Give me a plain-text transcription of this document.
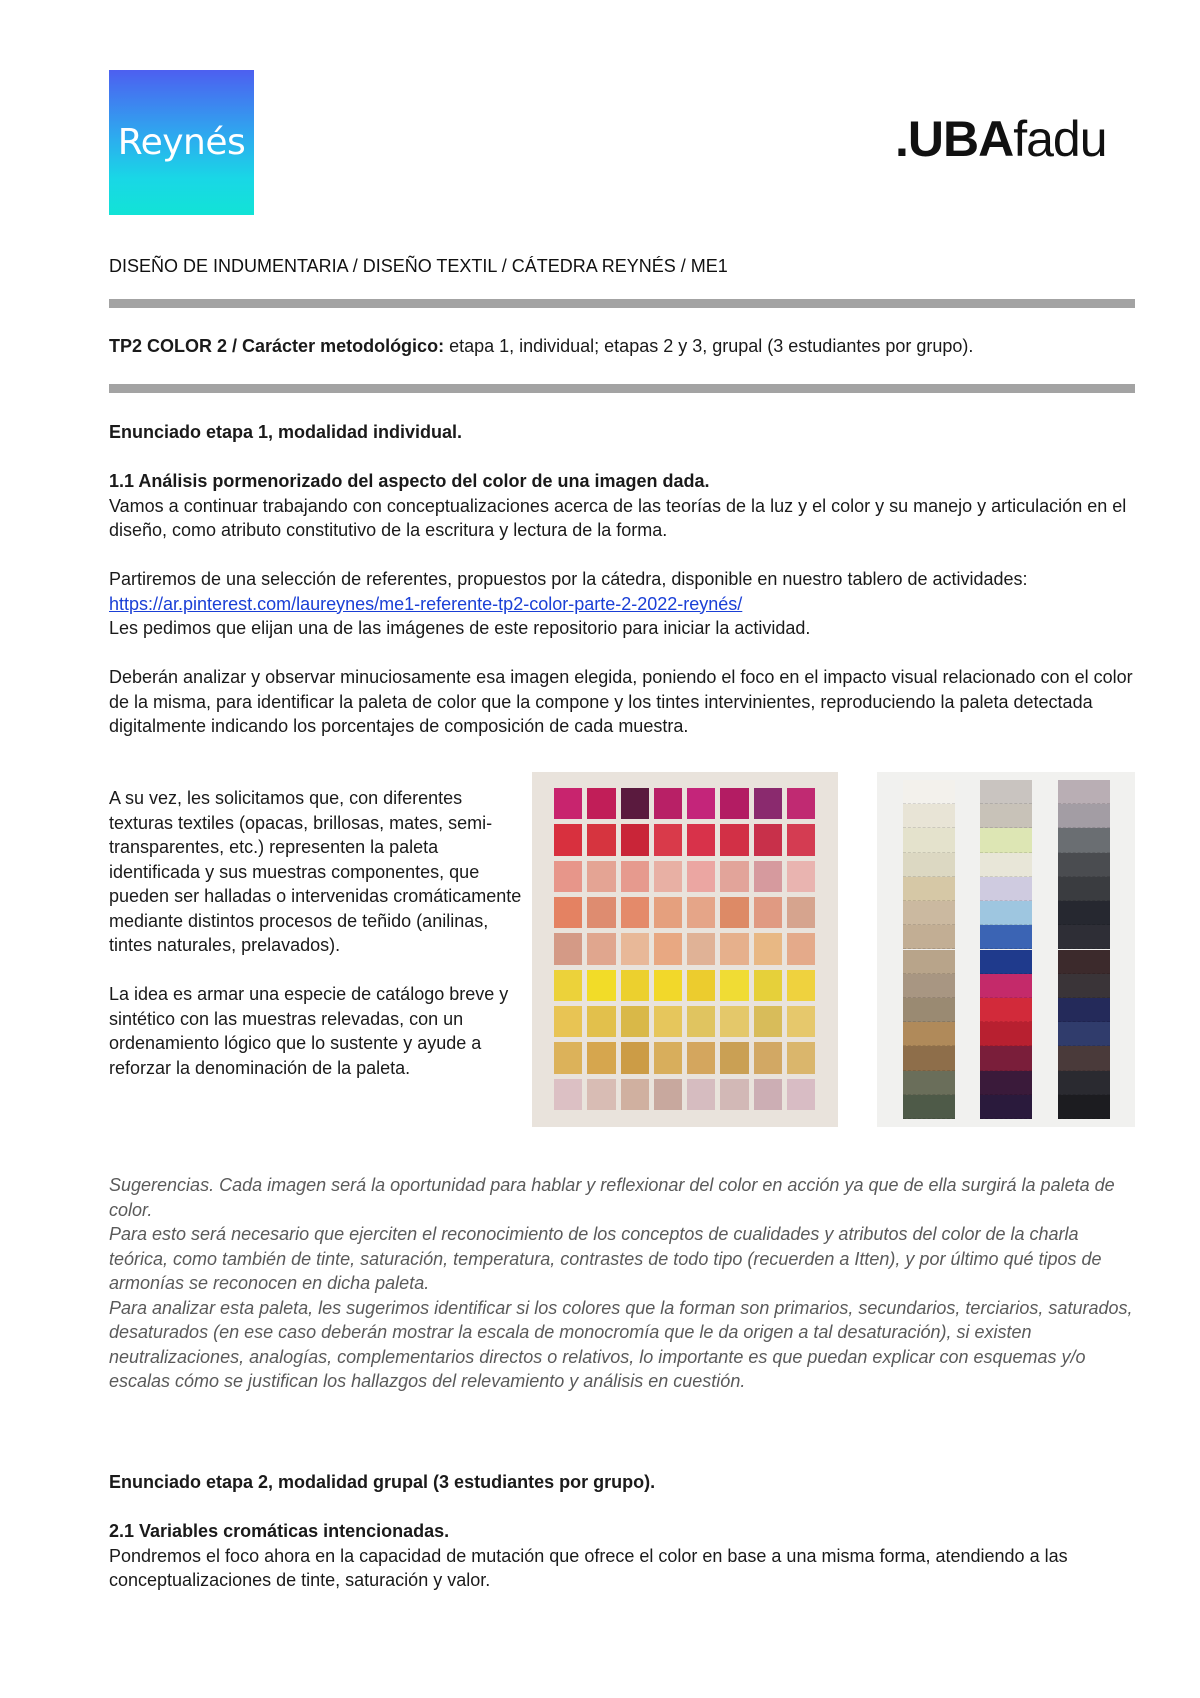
Reynés	.UBAfadu
DISEÑO DE INDUMENTARIA / DISEÑO TEXTIL / CÁTEDRA REYNÉS / ME1
TP2 COLOR 2 / Carácter metodológico: etapa 1, individual; etapas 2 y 3, grupal (3 estudiantes por grupo).

Enunciado etapa 1, modalidad individual.

1.1 Análisis pormenorizado del aspecto del color de una imagen dada.

Vamos a continuar trabajando con conceptualizaciones acerca de las teorías de la luz y el color y su manejo y articulación en el diseño, como atributo constitutivo de la escritura y lectura de la forma.

Partiremos de una selección de referentes, propuestos por la cátedra, disponible en nuestro tablero de actividades: https://ar.pinterest.com/laureynes/me1-referente-tp2-color-parte-2-2022-reynés/

Les pedimos que elijan una de las imágenes de este repositorio para iniciar la actividad.

Deberán analizar y observar minuciosamente esa imagen elegida, poniendo el foco en el impacto visual relacionado con el color de la misma, para identificar la paleta de color que la compone y los tintes intervinientes, reproduciendo la paleta detectada digitalmente indicando los porcentajes de composición de cada muestra.

A su vez, les solicitamos que, con diferentes texturas textiles (opacas, brillosas, mates, semi-transparentes, etc.) representen la paleta identificada y sus muestras componentes, que pueden ser halladas o intervenidas cromáticamente mediante distintos procesos de teñido (anilinas, tintes naturales, prelavados).

La idea es armar una especie de catálogo breve y sintético con las muestras relevadas, con un ordenamiento lógico que lo sustente y ayude a reforzar la denominación de la paleta.

Sugerencias. Cada imagen será la oportunidad para hablar y reflexionar del color en acción ya que de ella surgirá la paleta de color.

Para esto será necesario que ejerciten el reconocimiento de los conceptos de cualidades y atributos del color de la charla teórica, como también de tinte, saturación, temperatura, contrastes de todo tipo (recuerden a Itten), y por último qué tipos de armonías se reconocen en dicha paleta.

Para analizar esta paleta, les sugerimos identificar si los colores que la forman son primarios, secundarios, terciarios, saturados, desaturados (en ese caso deberán mostrar la escala de monocromía que le da origen a tal desaturación), si existen neutralizaciones, analogías, complementarios directos o relativos, lo importante es que puedan explicar con esquemas y/o escalas cómo se justifican los hallazgos del relevamiento y análisis en cuestión.

Enunciado etapa 2, modalidad grupal (3 estudiantes por grupo).

2.1 Variables cromáticas intencionadas.

Pondremos el foco ahora en la capacidad de mutación que ofrece el color en base a una misma forma, atendiendo a las conceptualizaciones de tinte, saturación y valor.
